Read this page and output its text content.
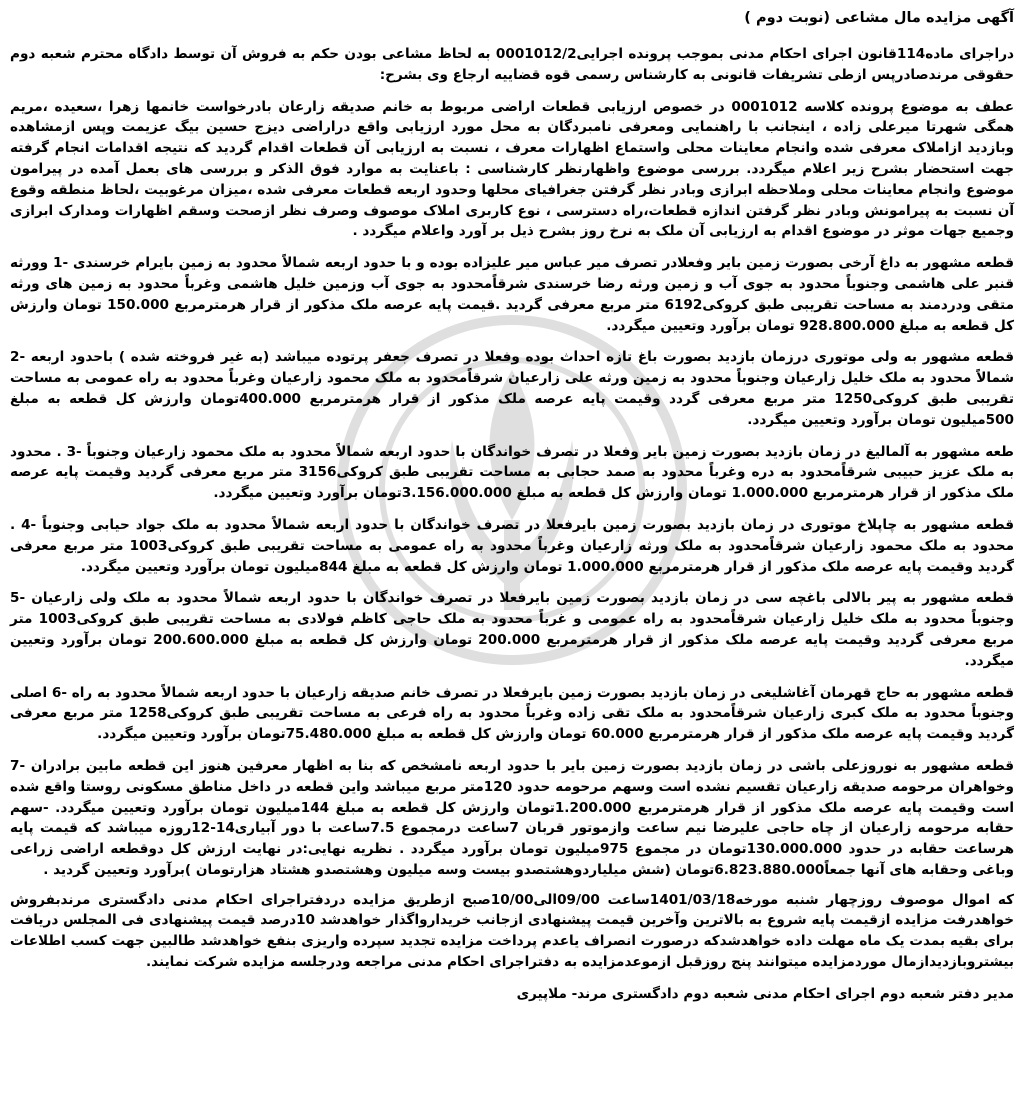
آگهی مزایده مال مشاعی (نوبت دوم )

دراجرای ماده114قانون اجرای احکام مدنی بموجب پرونده اجرایی0001012/2 به لحاظ مشاعی بودن حکم به فروش آن توسط دادگاه محترم شعبه دوم حقوقی مرندصادرپس ازطی تشریفات قانونی به کارشناس رسمی قوه قضاییه ارجاع وی بشرح:

عطف به موضوع پرونده کلاسه 0001012 در خصوص ارزیابی قطعات اراضی مربوط به خانم صدیقه زارعان بادرخواست خانمها زهرا ،سعیده ،مریم همگی شهرتا میرعلی زاده ، اینجانب با راهنمایی ومعرفی نامبردگان به محل مورد ارزیابی واقع دراراضی دیزج حسین بیگ عزیمت وپس ازمشاهده وبازدید ازاملاک معرفی شده وانجام معاینات محلی واستماع اظهارات معرف ، نسبت به ارزیابی آن قطعات اقدام گردید که نتیجه اقدامات انجام گرفته جهت استحضار بشرح زیر اعلام میگردد. بررسی موضوع واظهارنظر کارشناسی : باعنایت به موارد فوق الذکر و بررسی های بعمل آمده در پیرامون موضوع وانجام معاینات محلی وملاحظه ابرازی وبادر نظر گرفتن جغرافیای محلها وحدود اربعه قطعات معرفی شده ،میزان مرغوبیت ،لحاظ منطقه وقوع آن نسبت به پیرامونش وبادر نظر گرفتن اندازه قطعات،راه دسترسی ، نوع کاربری املاک موصوف وصرف نظر ازصحت وسقم اظهارات ومدارک ابرازی وجمیع جهات موثر در موضوع اقدام به ارزیابی آن ملک به نرخ روز بشرح ذیل بر آورد واعلام میگردد .

قطعه مشهور به داغ آرخی بصورت زمین بایر وفعلادر تصرف میر عباس میر علیزاده بوده و با حدود اربعه شمالاً محدود به زمین بایرام خرسندی -1 وورثه قنبر علی هاشمی وجنوباً محدود به جوی آب و زمین ورثه رضا خرسندی شرقاًمحدود به جوی آب وزمین خلیل هاشمی وغرباً محدود به زمین های ورثه متقی ودردمند به مساحت تقریبی طبق کروکی6192 متر مربع معرفی گردید .قیمت پایه عرصه ملک مذکور از قرار هرمترمربع 150.000 تومان وارزش کل قطعه به مبلغ 928.800.000 تومان برآورد وتعیین میگردد.

قطعه مشهور به ولی موتوری درزمان بازدید بصورت باغ تازه احداث بوده وفعلا در تصرف جعفر پرتوده میباشد (به غیر فروخته شده ) باحدود اربعه -2 شمالاً محدود به ملک خلیل زارعیان وجنوباً محدود به زمین ورثه علی زارعیان شرقاًمحدود به ملک محمود زارعیان وغرباً محدود به راه عمومی به مساحت تقریبی طبق کروکی1250 متر مربع معرفی گردد وقیمت پایه عرصه ملک مذکور از قرار هرمترمربع 400.000تومان وارزش کل قطعه به مبلغ 500میلیون تومان برآورد وتعیین میگردد.

طعه مشهور به آلمالیغ در زمان بازدید بصورت زمین بایر وفعلا در تصرف خواندگان با حدود اربعه شمالاً محدود به ملک محمود زارعیان وجنوباً -3 . محدود به ملک عزیز حبیبی شرقاًمحدود به دره وغرباً محدود به صمد حجابی به مساحت تقریبی طبق کروکی3156 متر مربع معرفی گردید وقیمت پایه عرصه ملک مذکور از قرار هرمترمربع 1.000.000 تومان وارزش کل قطعه به مبلغ 3.156.000.000تومان برآورد وتعیین میگردد.

قطعه مشهور به چاپلاخ موتوری در زمان بازدید بصورت زمین بایرفعلا در تصرف خواندگان با حدود اربعه شمالاً محدود به ملک جواد حیابی وجنوباً -4 . محدود به ملک محمود زارعیان شرقاًمحدود به ملک ورثه زارعیان وغرباً محدود به راه عمومی به مساحت تقریبی طبق کروکی1003 متر مربع معرفی گردید وقیمت پایه عرصه ملک مذکور از قرار هرمترمربع 1.000.000 تومان وارزش کل قطعه به مبلغ 844میلیون تومان برآورد وتعیین میگردد.

قطعه مشهور به پیر بالالی باغچه سی در زمان بازدید بصورت زمین بایرفعلا در تصرف خواندگان با حدود اربعه شمالاً محدود به ملک ولی زارعیان -5 وجنوباً محدود به ملک خلیل زارعیان شرقاًمحدود به راه عمومی و غرباً محدود به ملک حاجی کاظم فولادی به مساحت تقریبی طبق کروکی1003 متر مربع معرفی گردید وقیمت پایه عرصه ملک مذکور از قرار هرمترمربع 200.000 تومان وارزش کل قطعه به مبلغ 200.600.000 تومان برآورد وتعیین میگردد.

قطعه مشهور به حاج قهرمان آغاشلیغی در زمان بازدید بصورت زمین بایرفعلا در تصرف خانم صدیقه زارعیان با حدود اربعه شمالاً محدود به راه -6 اصلی وجنوباً محدود به ملک کبری زارعیان شرقاًمحدود به ملک تقی زاده وغرباً محدود به راه فرعی به مساحت تقریبی طبق کروکی1258 متر مربع معرفی گردید وقیمت پایه عرصه ملک مذکور از قرار هرمترمربع 60.000 تومان وارزش کل قطعه به مبلغ 75.480.000تومان برآورد وتعیین میگردد.

قطعه مشهور به نوروزعلی باشی در زمان بازدید بصورت زمین بایر با حدود اربعه نامشخص که بنا به اظهار معرفین هنوز این قطعه مابین برادران -7 وخواهران مرحومه صدیقه زارعیان تقسیم نشده است وسهم مرحومه حدود 120متر مربع میباشد واین قطعه در داخل مناطق مسکونی روستا واقع شده است وقیمت پایه عرصه ملک مذکور از قرار هرمترمربع 1.200.000تومان وارزش کل قطعه به مبلغ 144میلیون تومان برآورد وتعیین میگردد. -سهم حقابه مرحومه زارعیان از چاه حاجی علیرضا نیم ساعت وازموتور قربان 7ساعت درمجموع 7.5ساعت با دور آبیاری14-12روزه میباشد که قیمت پایه هرساعت حقابه در حدود 130.000.000تومان در مجموع 975میلیون تومان برآورد میگردد . نظریه نهایی:در نهایت ارزش کل دوقطعه اراضی زراعی وباغی وحقابه های آنها جمعاً6.823.880.000تومان (شش میلیاردوهشتصدو بیست وسه میلیون وهشتصدو هشتاد هزارتومان )برآورد وتعیین گردید .

که اموال موصوف روزچهار شنبه مورخه1401/03/18ساعت 09/00الی10/00صبح ازطریق مزایده دردفتراجرای احکام مدنی دادگستری مرندبفروش خواهدرفت مزایده ازقیمت پایه شروع به بالاترین وآخرین قیمت پیشنهادی ازجانب خریدارواگذار خواهدشد 10درصد قیمت پیشنهادی فی المجلس دریافت برای بقیه بمدت یک ماه مهلت داده خواهدشدکه درصورت انصراف یاعدم پرداخت مزایده تجدید سپرده واریزی بنفع خواهدشد طالبین جهت کسب اطلاعات بیشتروبازدیدازمال موردمزایده میتوانند پنج روزقبل ازموعدمزایده به دفتراجرای احکام مدنی مراجعه ودرجلسه مزایده شرکت نمایند.

مدیر دفتر شعبه دوم اجرای احکام مدنی شعبه دوم دادگستری مرند- ملاپیری
